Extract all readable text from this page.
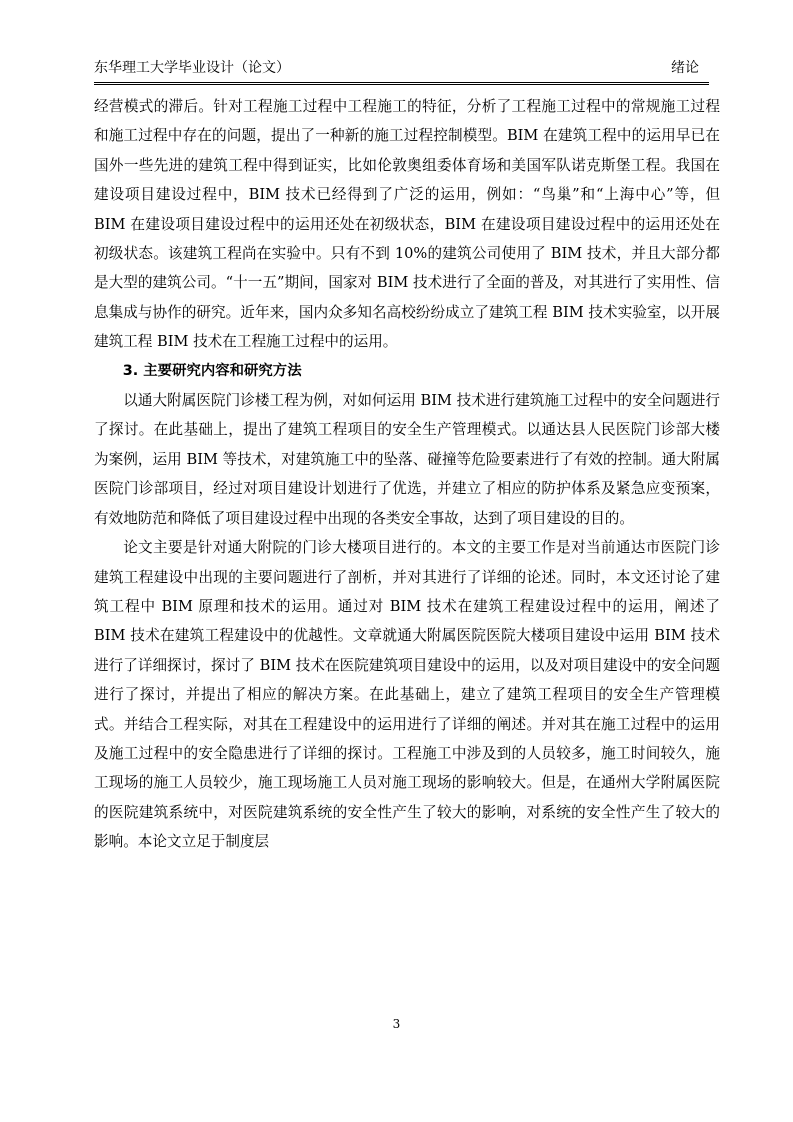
东华理工大学毕业设计（论文）	绪论

经营模式的滞后。针对工程施工过程中工程施工的特征，分析了工程施工过程中的常规施工过程和施工过程中存在的问题，提出了一种新的施工过程控制模型。BIM 在建筑工程中的运用早已在国外一些先进的建筑工程中得到证实，比如伦敦奥组委体育场和美国军队诺克斯堡工程。我国在建设项目建设过程中，BIM 技术已经得到了广泛的运用，例如：“鸟巢”和“上海中心”等，但 BIM 在建设项目建设过程中的运用还处在初级状态，BIM 在建设项目建设过程中的运用还处在初级状态。该建筑工程尚在实验中。只有不到 10%的建筑公司使用了 BIM 技术，并且大部分都是大型的建筑公司。“十一五”期间，国家对 BIM 技术进行了全面的普及，对其进行了实用性、信息集成与协作的研究。近年来，国内众多知名高校纷纷成立了建筑工程 BIM 技术实验室，以开展建筑工程 BIM 技术在工程施工过程中的运用。

3. 主要研究内容和研究方法

以通大附属医院门诊楼工程为例，对如何运用 BIM 技术进行建筑施工过程中的安全问题进行了探讨。在此基础上，提出了建筑工程项目的安全生产管理模式。以通达县人民医院门诊部大楼为案例，运用 BIM 等技术，对建筑施工中的坠落、碰撞等危险要素进行了有效的控制。通大附属医院门诊部项目，经过对项目建设计划进行了优选，并建立了相应的防护体系及紧急应变预案，有效地防范和降低了项目建设过程中出现的各类安全事故，达到了项目建设的目的。

论文主要是针对通大附院的门诊大楼项目进行的。本文的主要工作是对当前通达市医院门诊建筑工程建设中出现的主要问题进行了剖析，并对其进行了详细的论述。同时，本文还讨论了建筑工程中 BIM 原理和技术的运用。通过对 BIM 技术在建筑工程建设过程中的运用，阐述了 BIM 技术在建筑工程建设中的优越性。文章就通大附属医院医院大楼项目建设中运用 BIM 技术进行了详细探讨，探讨了 BIM 技术在医院建筑项目建设中的运用，以及对项目建设中的安全问题进行了探讨，并提出了相应的解决方案。在此基础上，建立了建筑工程项目的安全生产管理模式。并结合工程实际，对其在工程建设中的运用进行了详细的阐述。并对其在施工过程中的运用及施工过程中的安全隐患进行了详细的探讨。工程施工中涉及到的人员较多，施工时间较久，施工现场的施工人员较少，施工现场施工人员对施工现场的影响较大。但是，在通州大学附属医院的医院建筑系统中，对医院建筑系统的安全性产生了较大的影响，对系统的安全性产生了较大的影响。本论文立足于制度层

3
